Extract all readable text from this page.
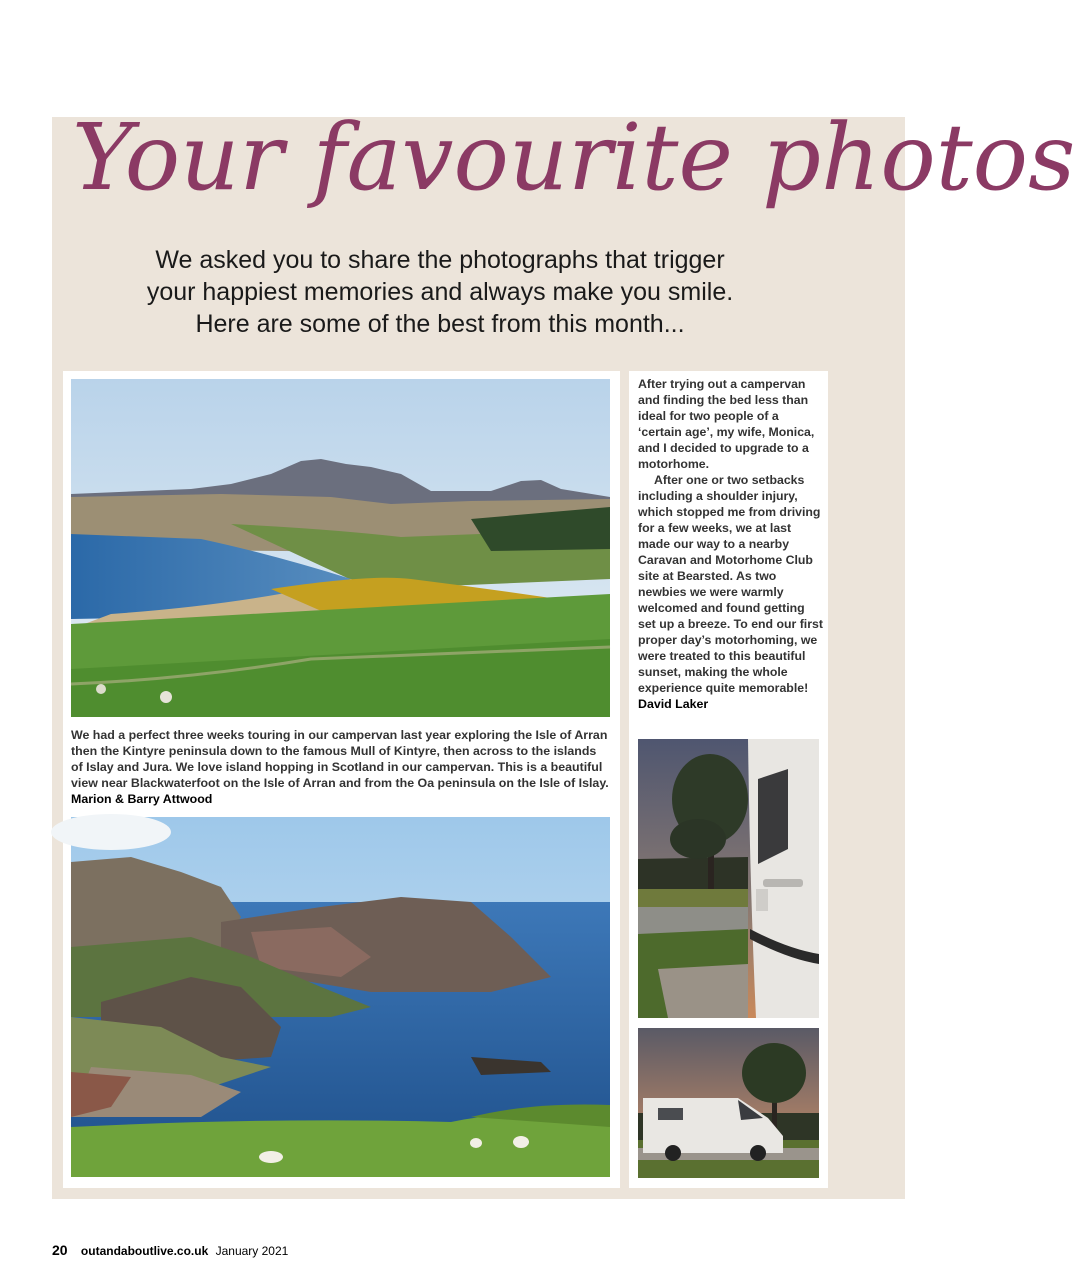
Your favourite photos
We asked you to share the photographs that trigger
your happiest memories and always make you smile.
Here are some of the best from this month...
We had a perfect three weeks touring in our campervan last year exploring the Isle of Arran then the Kintyre peninsula down to the famous Mull of Kintyre, then across to the islands of Islay and Jura. We love island hopping in Scotland in our campervan. This is a beautiful view near Blackwaterfoot on the Isle of Arran and from the Oa peninsula on the Isle of Islay.
Marion & Barry Attwood

After trying out a campervan and finding the bed less than ideal for two people of a ‘certain age’, my wife, Monica, and I decided to upgrade to a motorhome.

After one or two setbacks including a shoulder injury, which stopped me from driving for a few weeks, we at last made our way to a nearby Caravan and Motorhome Club site at Bearsted. As two newbies we were warmly welcomed and found getting set up a breeze. To end our first proper day’s motorhoming, we were treated to this beautiful sunset, making the whole experience quite memorable!

David Laker
20 outandaboutlive.co.uk January 2021
